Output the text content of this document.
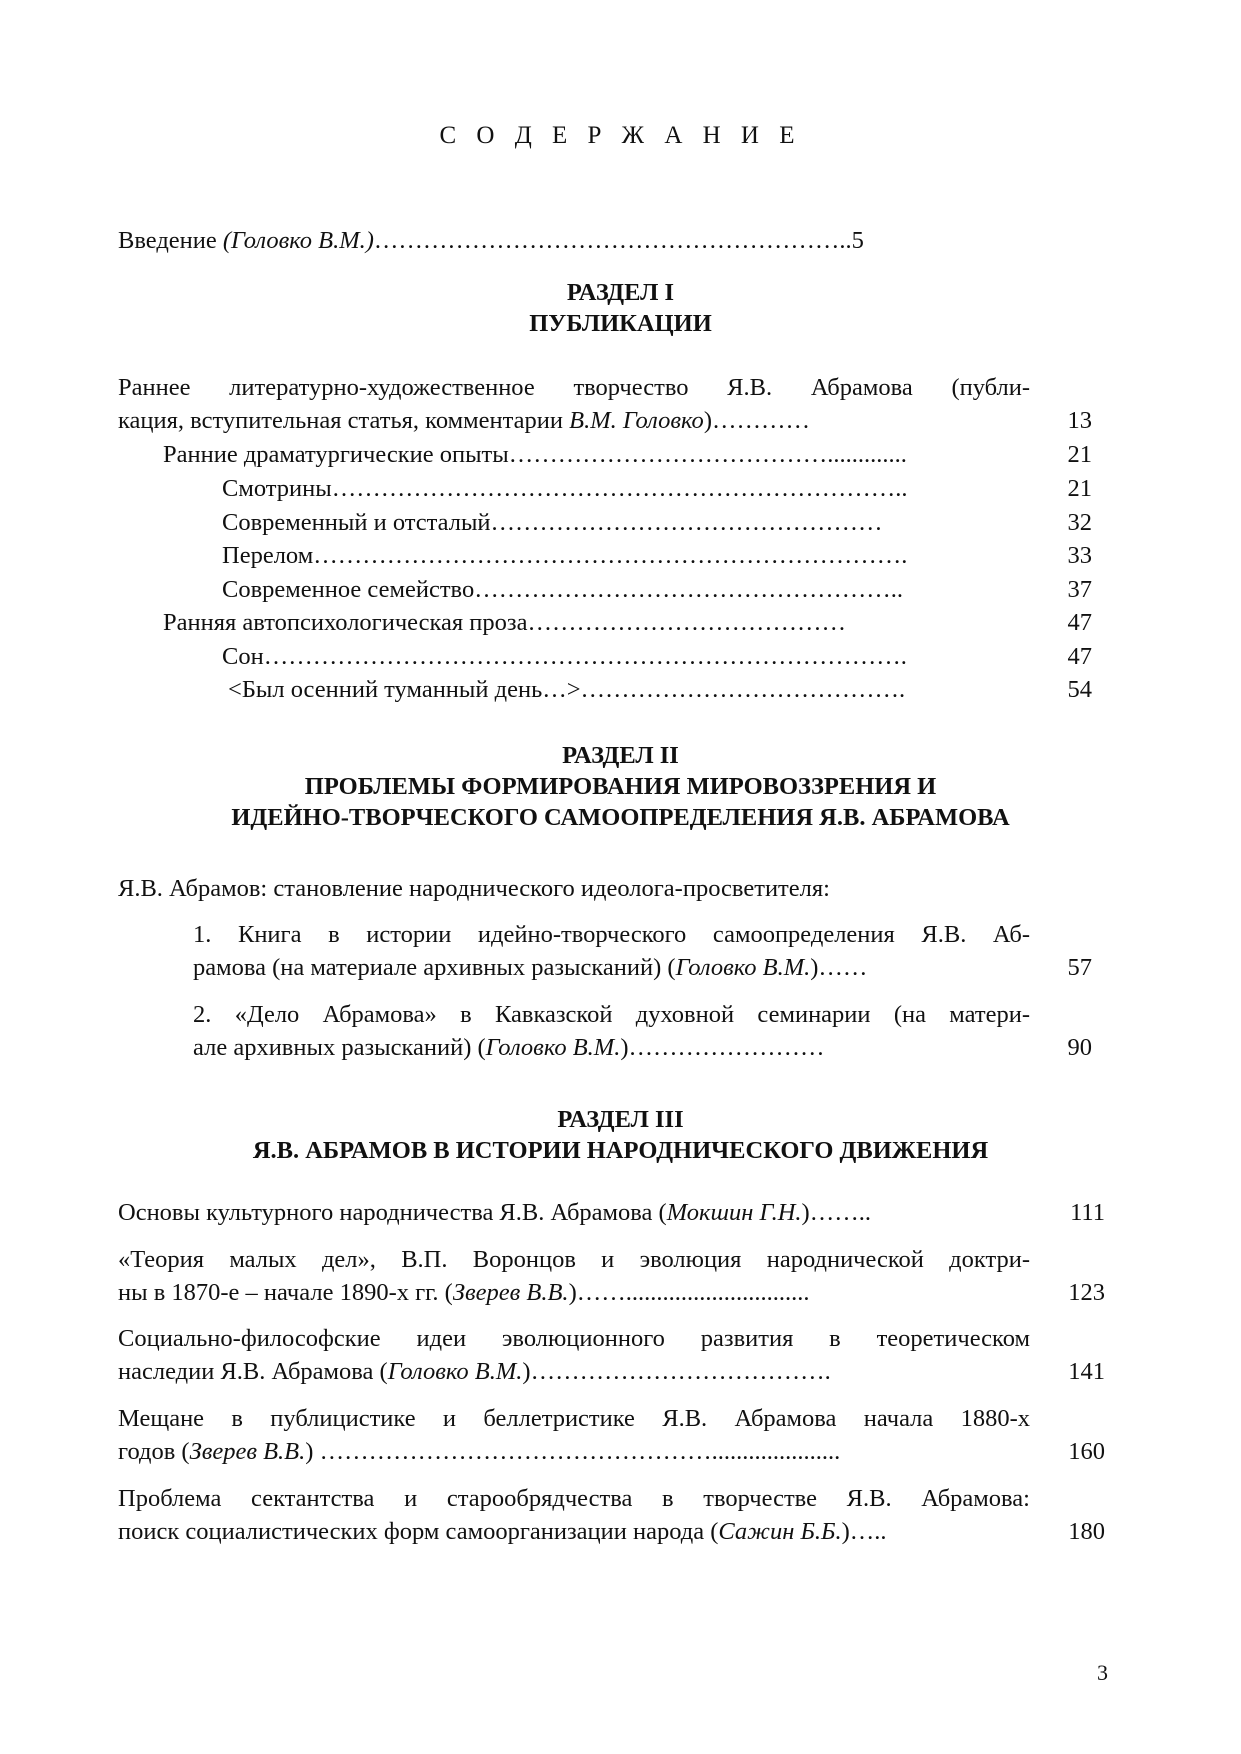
С О Д Е Р Ж А Н И Е
Введение (Головко В.М.)…………………………………………………..5
РАЗДЕЛ I
ПУБЛИКАЦИИ
Раннее литературно-художественное творчество Я.В. Абрамова (публи-
кация, вступительная статья, комментарии В.М. Головко)…………	13
Ранние драматургические опыты………………………………….............	21
Смотрины……………………………………………………………..	21
Современный и отсталый…………………………………………	32
Перелом……………………………………………………………….	33
Современное семейство……………………………………………..	37
Ранняя автопсихологическая проза…………………………………	47
Сон…………………………………………………………………….	47
<Был осенний туманный день…>………………………………….	54
РАЗДЕЛ II
ПРОБЛЕМЫ ФОРМИРОВАНИЯ МИРОВОЗЗРЕНИЯ И
ИДЕЙНО-ТВОРЧЕСКОГО САМООПРЕДЕЛЕНИЯ Я.В. АБРАМОВА
Я.В. Абрамов: становление народнического идеолога-просветителя:
1. Книга в истории идейно-творческого самоопределения Я.В. Аб-
рамова (на материале архивных разысканий) (Головко В.М.)……	57
2. «Дело Абрамова» в Кавказской духовной семинарии (на матери-
але архивных разысканий) (Головко В.М.)……………………	90
РАЗДЕЛ III
Я.В. АБРАМОВ В ИСТОРИИ НАРОДНИЧЕСКОГО ДВИЖЕНИЯ
Основы культурного народничества Я.В. Абрамова (Мокшин Г.Н.)……..	111
«Теория малых дел», В.П. Воронцов и эволюция народнической доктри-
ны в 1870-е – начале 1890-х гг. (Зверев В.В.)……..............................	123
Социально-философские идеи эволюционного развития в теоретическом
наследии Я.В. Абрамова (Головко В.М.)……………………………….	141
Мещане в публицистике и беллетристике Я.В. Абрамова начала 1880-х
годов (Зверев В.В.) ………………………………………….....................	160
Проблема сектантства и старообрядчества в творчестве Я.В. Абрамова:
поиск социалистических форм самоорганизации народа (Сажин Б.Б.)…..	180
3
